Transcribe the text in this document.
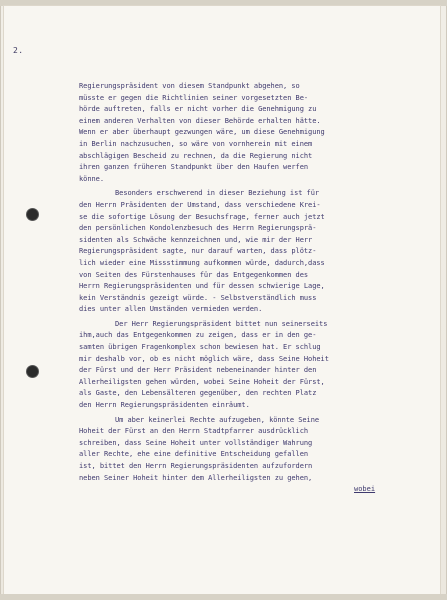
2.
Regierungspräsident von diesem Standpunkt abgehen, so
müsste er gegen die Richtlinien seiner vorgesetzten Be-
hörde auftreten, falls er nicht vorher die Genehmigung zu
einem anderen Verhalten von dieser Behörde erhalten hätte.
Wenn er aber überhaupt gezwungen wäre, um diese Genehmigung
in Berlin nachzusuchen, so wäre von vornherein mit einem
abschlägigen Bescheid zu rechnen, da die Regierung nicht
ihren ganzen früheren Standpunkt über den Haufen werfen
könne.
Besonders erschwerend in dieser Beziehung ist für
den Herrn Präsidenten der Umstand, dass verschiedene Krei-
se die sofortige Lösung der Besuchsfrage, ferner auch jetzt
den persönlichen Kondolenzbesuch des Herrn Regierungsprä-
sidenten als Schwäche kennzeichnen und, wie mir der Herr
Regierungspräsident sagte, nur darauf warten, dass plötz-
lich wieder eine Missstimmung aufkommen würde, dadurch,dass
von Seiten des Fürstenhauses für das Entgegenkommen des
Herrn Regierungspräsidenten und für dessen schwierige Lage,
kein Verständnis gezeigt würde. - Selbstverständlich muss
dies unter allen Umständen vermieden werden.
Der Herr Regierungspräsident bittet nun seinerseits
ihm,auch das Entgegenkommen zu zeigen, dass er in den ge-
samten übrigen Fragenkomplex schon bewiesen hat. Er schlug
mir deshalb vor, ob es nicht möglich wäre, dass Seine Hoheit
der Fürst und der Herr Präsident nebeneinander hinter den
Allerheiligsten gehen würden, wobei Seine Hoheit der Fürst,
als Gaste, den Lebensälteren gegenüber, den rechten Platz
den Herrn Regierungspräsidenten einräumt.
Um aber keinerlei Rechte aufzugeben, könnte Seine
Hoheit der Fürst an den Herrn Stadtpfarrer ausdrücklich
schreiben, dass Seine Hoheit unter vollständiger Wahrung
aller Rechte, ehe eine definitive Entscheidung gefallen
ist, bittet den Herrn Regierungspräsidenten aufzufordern
neben Seiner Hoheit hinter dem Allerheiligsten zu gehen,
wobei
